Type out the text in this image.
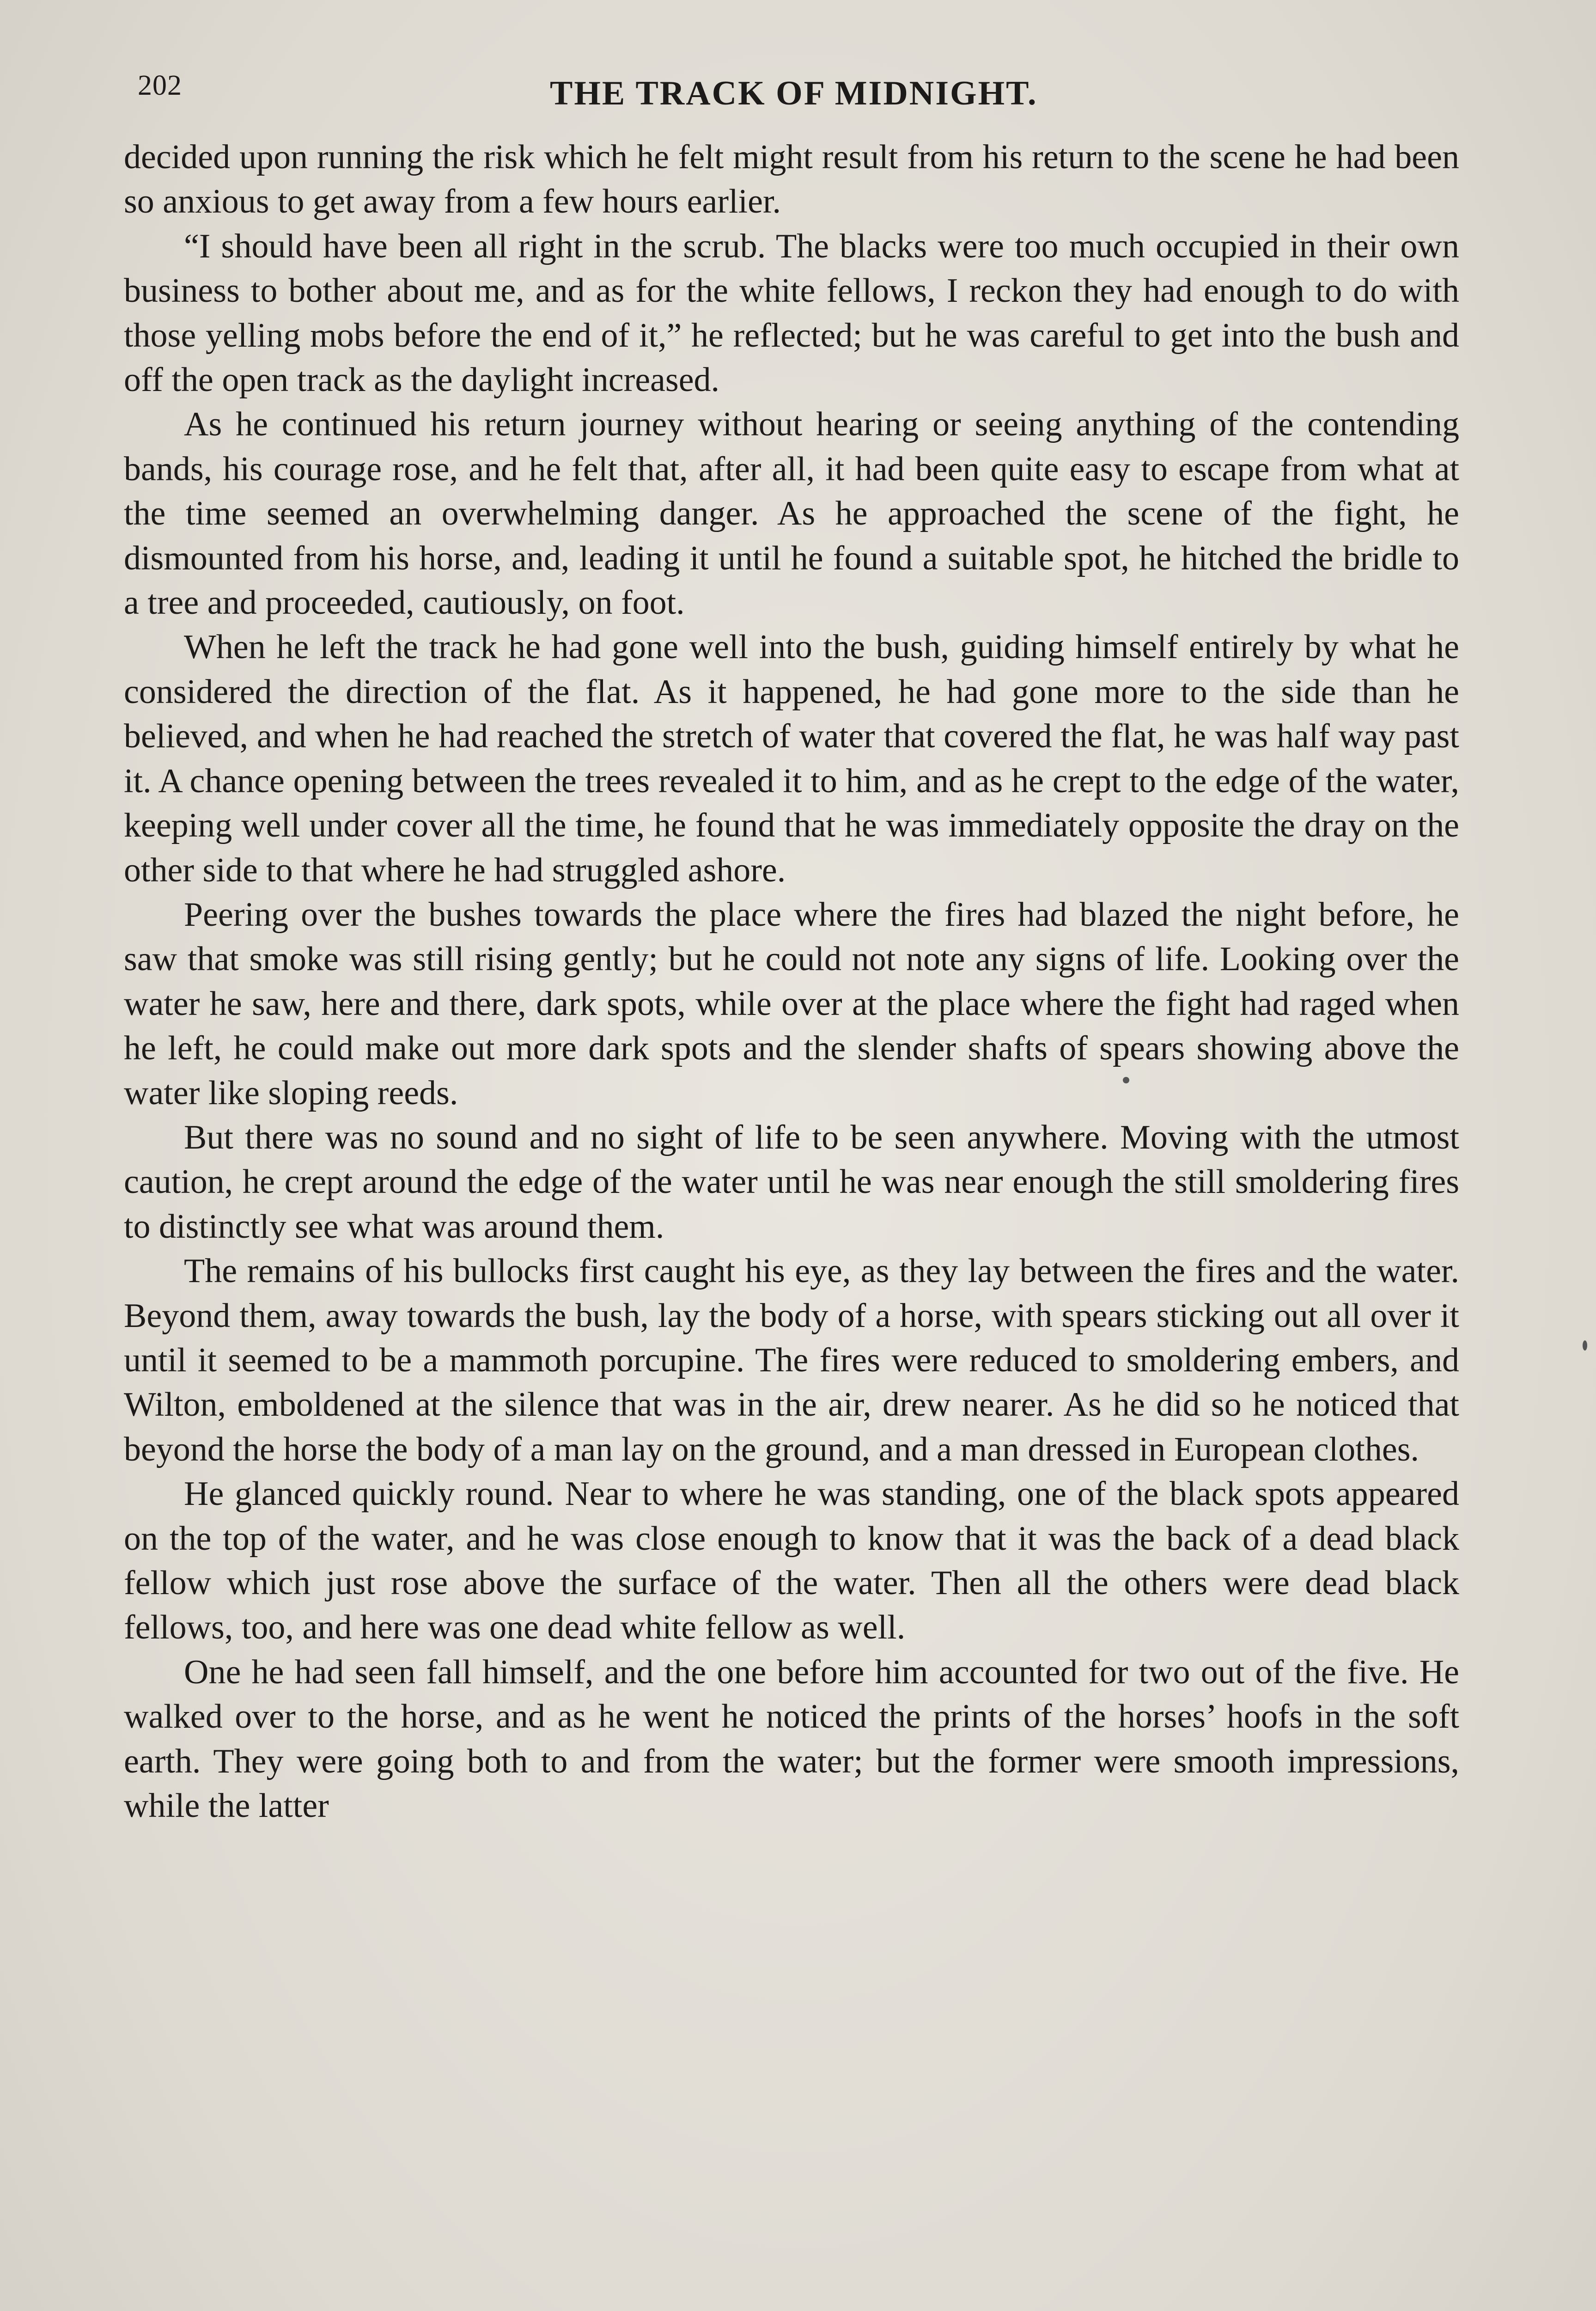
202	THE TRACK OF MIDNIGHT.

decided upon running the risk which he felt might result from his return to the scene he had been so anxious to get away from a few hours earlier.

“I should have been all right in the scrub. The blacks were too much occupied in their own business to bother about me, and as for the white fellows, I reckon they had enough to do with those yelling mobs before the end of it,” he reflected; but he was careful to get into the bush and off the open track as the daylight increased.

As he continued his return journey without hearing or seeing anything of the contending bands, his courage rose, and he felt that, after all, it had been quite easy to escape from what at the time seemed an overwhelming danger. As he approached the scene of the fight, he dismounted from his horse, and, leading it until he found a suitable spot, he hitched the bridle to a tree and proceeded, cautiously, on foot.

When he left the track he had gone well into the bush, guiding himself entirely by what he considered the direction of the flat. As it happened, he had gone more to the side than he believed, and when he had reached the stretch of water that covered the flat, he was half way past it. A chance opening between the trees revealed it to him, and as he crept to the edge of the water, keeping well under cover all the time, he found that he was immediately opposite the dray on the other side to that where he had struggled ashore.

Peering over the bushes towards the place where the fires had blazed the night before, he saw that smoke was still rising gently; but he could not note any signs of life. Looking over the water he saw, here and there, dark spots, while over at the place where the fight had raged when he left, he could make out more dark spots and the slender shafts of spears showing above the water like sloping reeds.

But there was no sound and no sight of life to be seen anywhere. Moving with the utmost caution, he crept around the edge of the water until he was near enough the still smoldering fires to distinctly see what was around them.

The remains of his bullocks first caught his eye, as they lay between the fires and the water. Beyond them, away towards the bush, lay the body of a horse, with spears sticking out all over it until it seemed to be a mammoth porcupine. The fires were reduced to smoldering embers, and Wilton, emboldened at the silence that was in the air, drew nearer. As he did so he noticed that beyond the horse the body of a man lay on the ground, and a man dressed in European clothes.

He glanced quickly round. Near to where he was standing, one of the black spots appeared on the top of the water, and he was close enough to know that it was the back of a dead black fellow which just rose above the surface of the water. Then all the others were dead black fellows, too, and here was one dead white fellow as well.

One he had seen fall himself, and the one before him accounted for two out of the five. He walked over to the horse, and as he went he noticed the prints of the horses’ hoofs in the soft earth. They were going both to and from the water; but the former were smooth impressions, while the latter
